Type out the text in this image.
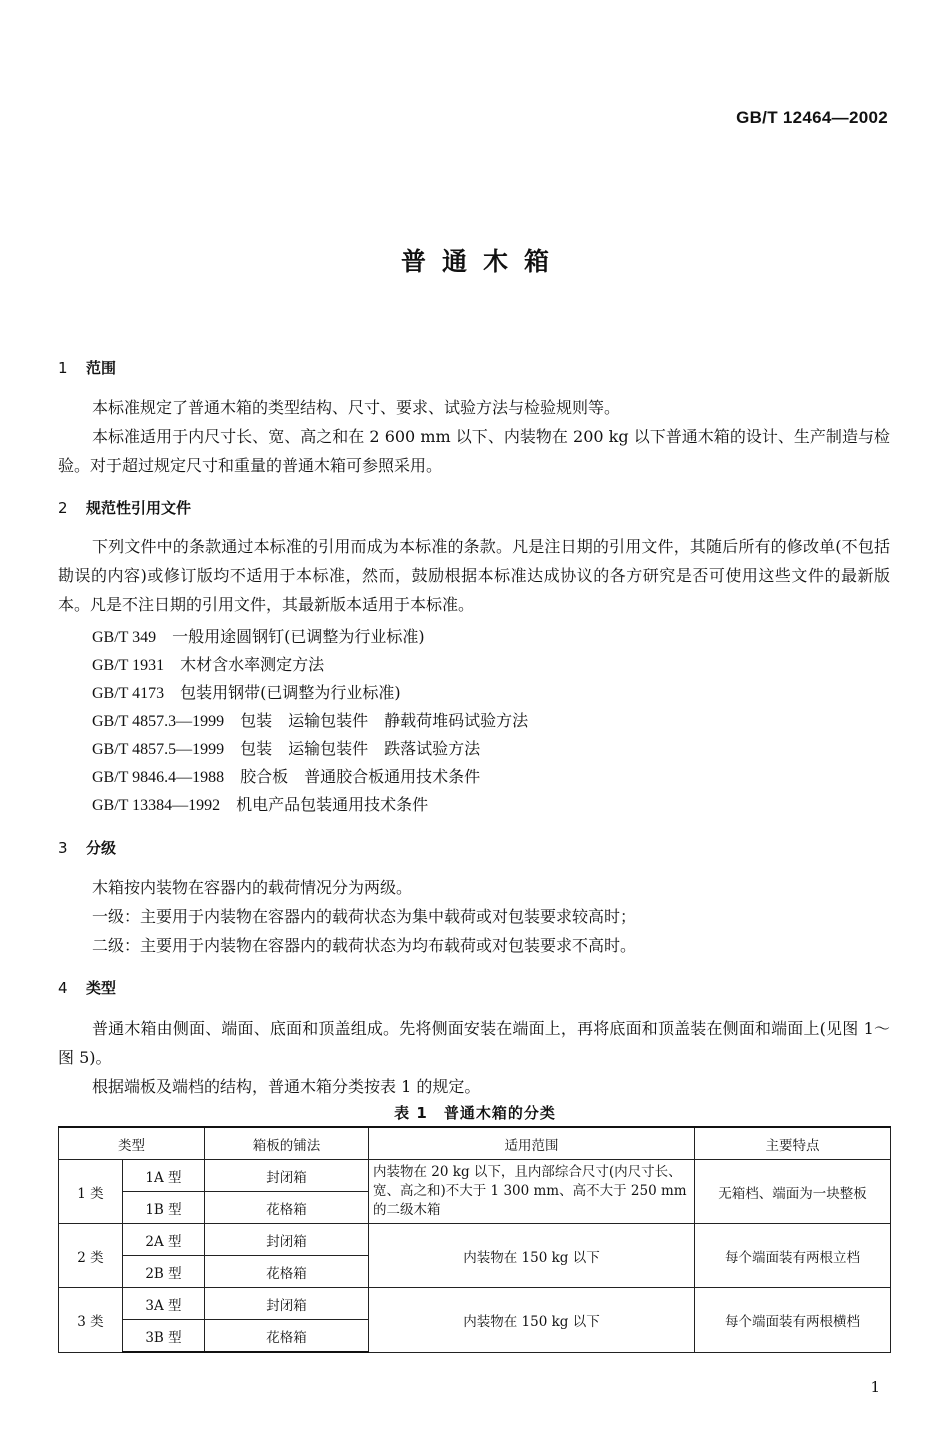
GB/T 12464—2002
普通木箱
1 范围

本标准规定了普通木箱的类型结构、尺寸、要求、试验方法与检验规则等。

本标准适用于内尺寸长、宽、高之和在 2 600 mm 以下、内装物在 200 kg 以下普通木箱的设计、生产制造与检验。对于超过规定尺寸和重量的普通木箱可参照采用。

2 规范性引用文件

下列文件中的条款通过本标准的引用而成为本标准的条款。凡是注日期的引用文件，其随后所有的修改单(不包括勘误的内容)或修订版均不适用于本标准，然而，鼓励根据本标准达成协议的各方研究是否可使用这些文件的最新版本。凡是不注日期的引用文件，其最新版本适用于本标准。

GB/T 349　 一般用途圆钢钉(已调整为行业标准)
GB/T 1931　 木材含水率测定方法
GB/T 4173　 包装用钢带(已调整为行业标准)
GB/T 4857.3—1999　 包装　运输包装件　静载荷堆码试验方法
GB/T 4857.5—1999　 包装　运输包装件　跌落试验方法
GB/T 9846.4—1988　 胶合板　普通胶合板通用技术条件
GB/T 13384—1992　 机电产品包装通用技术条件
3 分级

木箱按内装物在容器内的载荷情况分为两级。

一级：主要用于内装物在容器内的载荷状态为集中载荷或对包装要求较高时；

二级：主要用于内装物在容器内的载荷状态为均布载荷或对包装要求不高时。

4 类型

普通木箱由侧面、端面、底面和顶盖组成。先将侧面安装在端面上，再将底面和顶盖装在侧面和端面上(见图 1～图 5)。

根据端板及端档的结构，普通木箱分类按表 1 的规定。

表 1　普通木箱的分类
类型		箱板的铺法	适用范围	主要特点
1 类	1A 型	封闭箱	内装物在 20 kg 以下，且内部综合尺寸(内尺寸长、宽、高之和)不大于 1 300 mm、高不大于 250 mm 的二级木箱	无箱档、端面为一块整板
	1B 型	花格箱		
2 类	2A 型	封闭箱	内装物在 150 kg 以下	每个端面装有两根立档
	2B 型	花格箱		
3 类	3A 型	封闭箱	内装物在 150 kg 以下	每个端面装有两根横档
	3B 型	花格箱		
1
